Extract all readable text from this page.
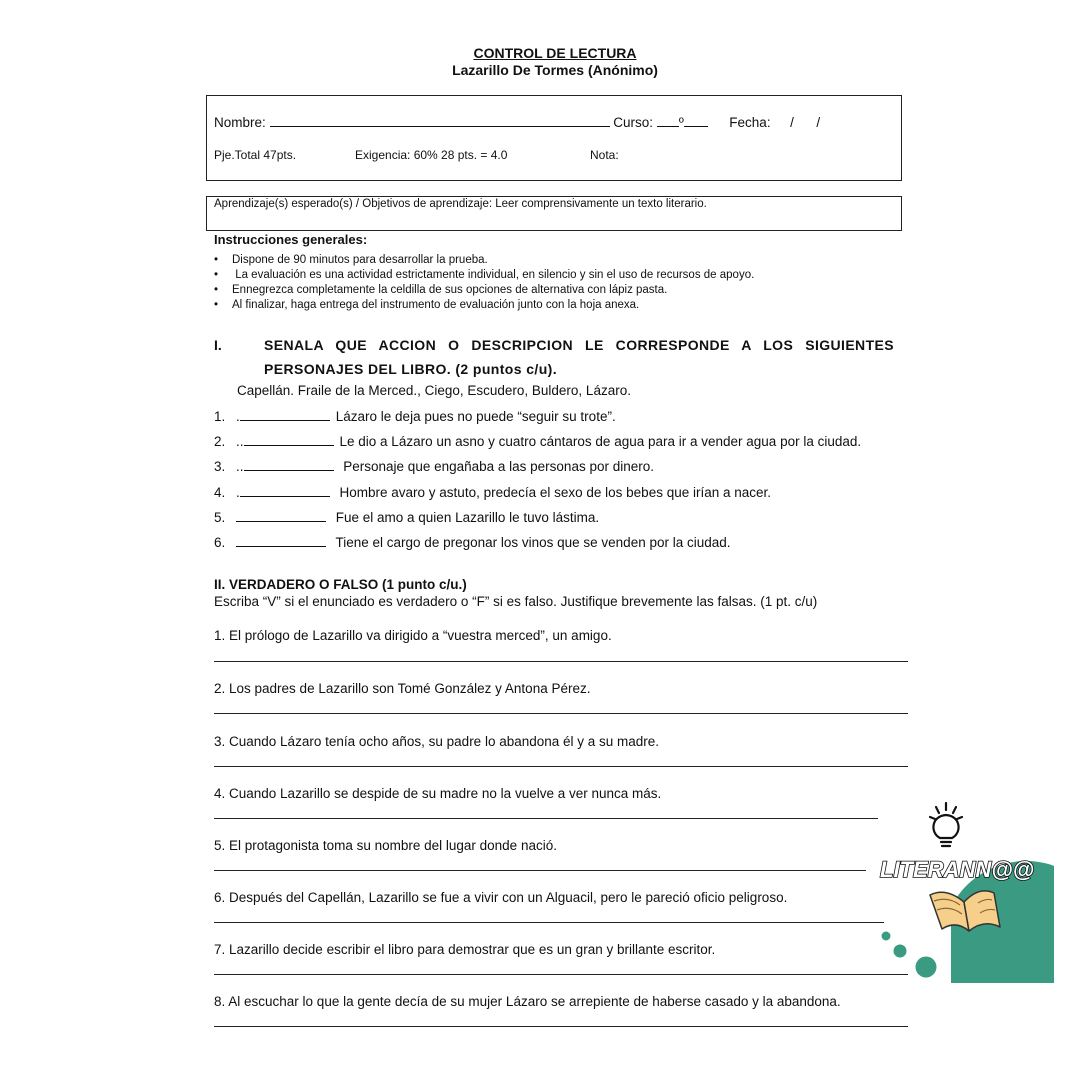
CONTROL DE LECTURA
Lazarillo De Tormes (Anónimo)
Nombre:	Curso: º	Fecha: /      /
Pje.Total 47pts.	Exigencia: 60% 28 pts. = 4.0	Nota:
Aprendizaje(s) esperado(s) / Objetivos de aprendizaje: Leer comprensivamente un texto literario.
Instrucciones generales:
• Dispone de 90 minutos para desarrollar la prueba.
• La evaluación es una actividad estrictamente individual, en silencio y sin el uso de recursos de apoyo.
• Ennegrezca completamente la celdilla de sus opciones de alternativa con lápiz pasta.
• Al finalizar, haga entrega del instrumento de evaluación junto con la hoja anexa.
I.	SENALA QUE ACCION O DESCRIPCION LE CORRESPONDE A LOS SIGUIENTES PERSONAJES DEL LIBRO. (2 puntos c/u).
Capellán. Fraile de la Merced., Ciego, Escudero, Buldero, Lázaro.
1. .	Lázaro le deja pues no puede “seguir su trote”.
2. ..	Le dio a Lázaro un asno y cuatro cántaros de agua para ir a vender agua por la ciudad.
3. ..	Personaje que engañaba a las personas por dinero.
4. .	Hombre avaro y astuto, predecía el sexo de los bebes que irían a nacer.
5.	Fue el amo a quien Lazarillo le tuvo lástima.
6.	Tiene el cargo de pregonar los vinos que se venden por la ciudad.
II. VERDADERO O FALSO (1 punto c/u.)
Escriba “V” si el enunciado es verdadero o “F” si es falso. Justifique brevemente las falsas. (1 pt. c/u)
1. El prólogo de Lazarillo va dirigido a “vuestra merced”, un amigo.
2. Los padres de Lazarillo son Tomé González y Antona Pérez.
3. Cuando Lázaro tenía ocho años, su padre lo abandona él y a su madre.
4. Cuando Lazarillo se despide de su madre no la vuelve a ver nunca más.
5. El protagonista toma su nombre del lugar donde nació.
6. Después del Capellán, Lazarillo se fue a vivir con un Alguacil, pero le pareció oficio peligroso.
7. Lazarillo decide escribir el libro para demostrar que es un gran y brillante escritor.
8. Al escuchar lo que la gente decía de su mujer Lázaro se arrepiente de haberse casado y la abandona.
LITERANN@@
